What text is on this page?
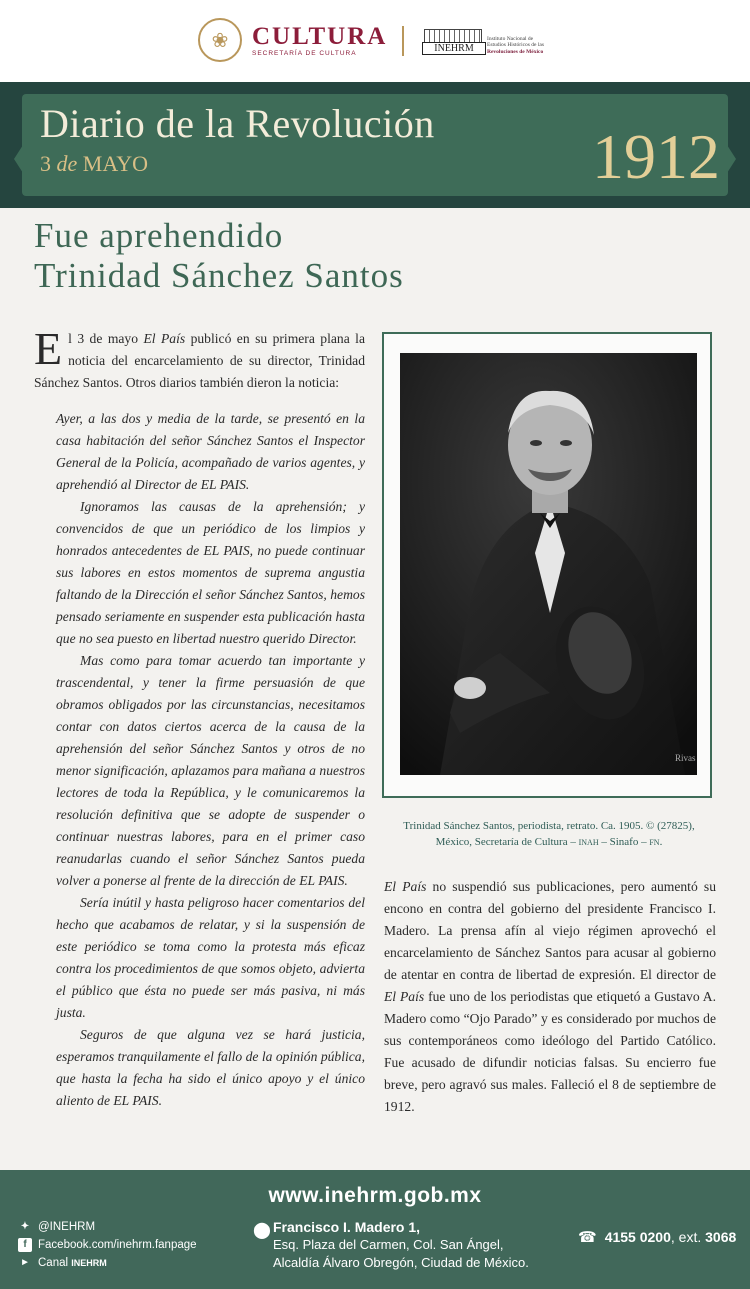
❀ CULTURA
SECRETARÍA DE CULTURA	INEHRM
Instituto Nacional de
Estudios Históricos de las
Revoluciones de México
Diario de la Revolución
3 de MAYO	1912
Fue aprehendido
Trinidad Sánchez Santos

El 3 de mayo El País publicó en su primera plana la noticia del encarcelamiento de su director, Trinidad Sánchez Santos. Otros diarios también dieron la noticia:

Ayer, a las dos y media de la tarde, se presentó en la casa habitación del señor Sánchez Santos el Inspector General de la Policía, acompañado de varios agentes, y aprehendió al Director de EL PAIS.

Ignoramos las causas de la aprehensión; y convencidos de que un periódico de los limpios y honrados antecedentes de EL PAIS, no puede continuar sus labores en estos momentos de suprema angustia faltando de la Dirección el señor Sánchez Santos, hemos pensado seriamente en suspender esta publicación hasta que no sea puesto en libertad nuestro querido Director.

Mas como para tomar acuerdo tan importante y trascendental, y tener la firme persuasión de que obramos obligados por las circunstancias, necesitamos contar con datos ciertos acerca de la causa de la aprehensión del señor Sánchez Santos y otros de no menor significación, aplazamos para mañana a nuestros lectores de toda la República, y le comunicaremos la resolución definitiva que se adopte de suspender o continuar nuestras labores, para en el primer caso reanudarlas cuando el señor Sánchez Santos pueda volver a ponerse al frente de la dirección de EL PAIS.

Sería inútil y hasta peligroso hacer comentarios del hecho que acabamos de relatar, y si la suspensión de este periódico se toma como la protesta más eficaz contra los procedimientos de que somos objeto, advierta el público que ésta no puede ser más pasiva, ni más justa.

Seguros de que alguna vez se hará justicia, esperamos tranquilamente el fallo de la opinión pública, que hasta la fecha ha sido el único apoyo y el único aliento de EL PAIS.

Rivas
Trinidad Sánchez Santos, periodista, retrato. Ca. 1905. © (27825), México, Secretaría de Cultura – inah – Sinafo – fn.

El País no suspendió sus publicaciones, pero aumentó su encono en contra del gobierno del presidente Francisco I. Madero. La prensa afín al viejo régimen aprovechó el encarcelamiento de Sánchez Santos para acusar al gobierno de atentar en contra de libertad de expresión. El director de El País fue uno de los periodistas que etiquetó a Gustavo A. Madero como “Ojo Parado” y es considerado por muchos de sus contemporáneos como ideólogo del Partido Católico. Fue acusado de difundir noticias falsas. Su encierro fue breve, pero agravó sus males. Falleció el 8 de septiembre de 1912.

www.inehrm.gob.mx
✦ @INEHRM
f Facebook.com/inehrm.fanpage
▶ Canal
INEHRM
⬤ Francisco I. Madero 1,
Esq. Plaza del Carmen, Col. San Ángel,
Alcaldía Álvaro Obregón, Ciudad de México.
☎ 4155 0200 , ext.
3068
